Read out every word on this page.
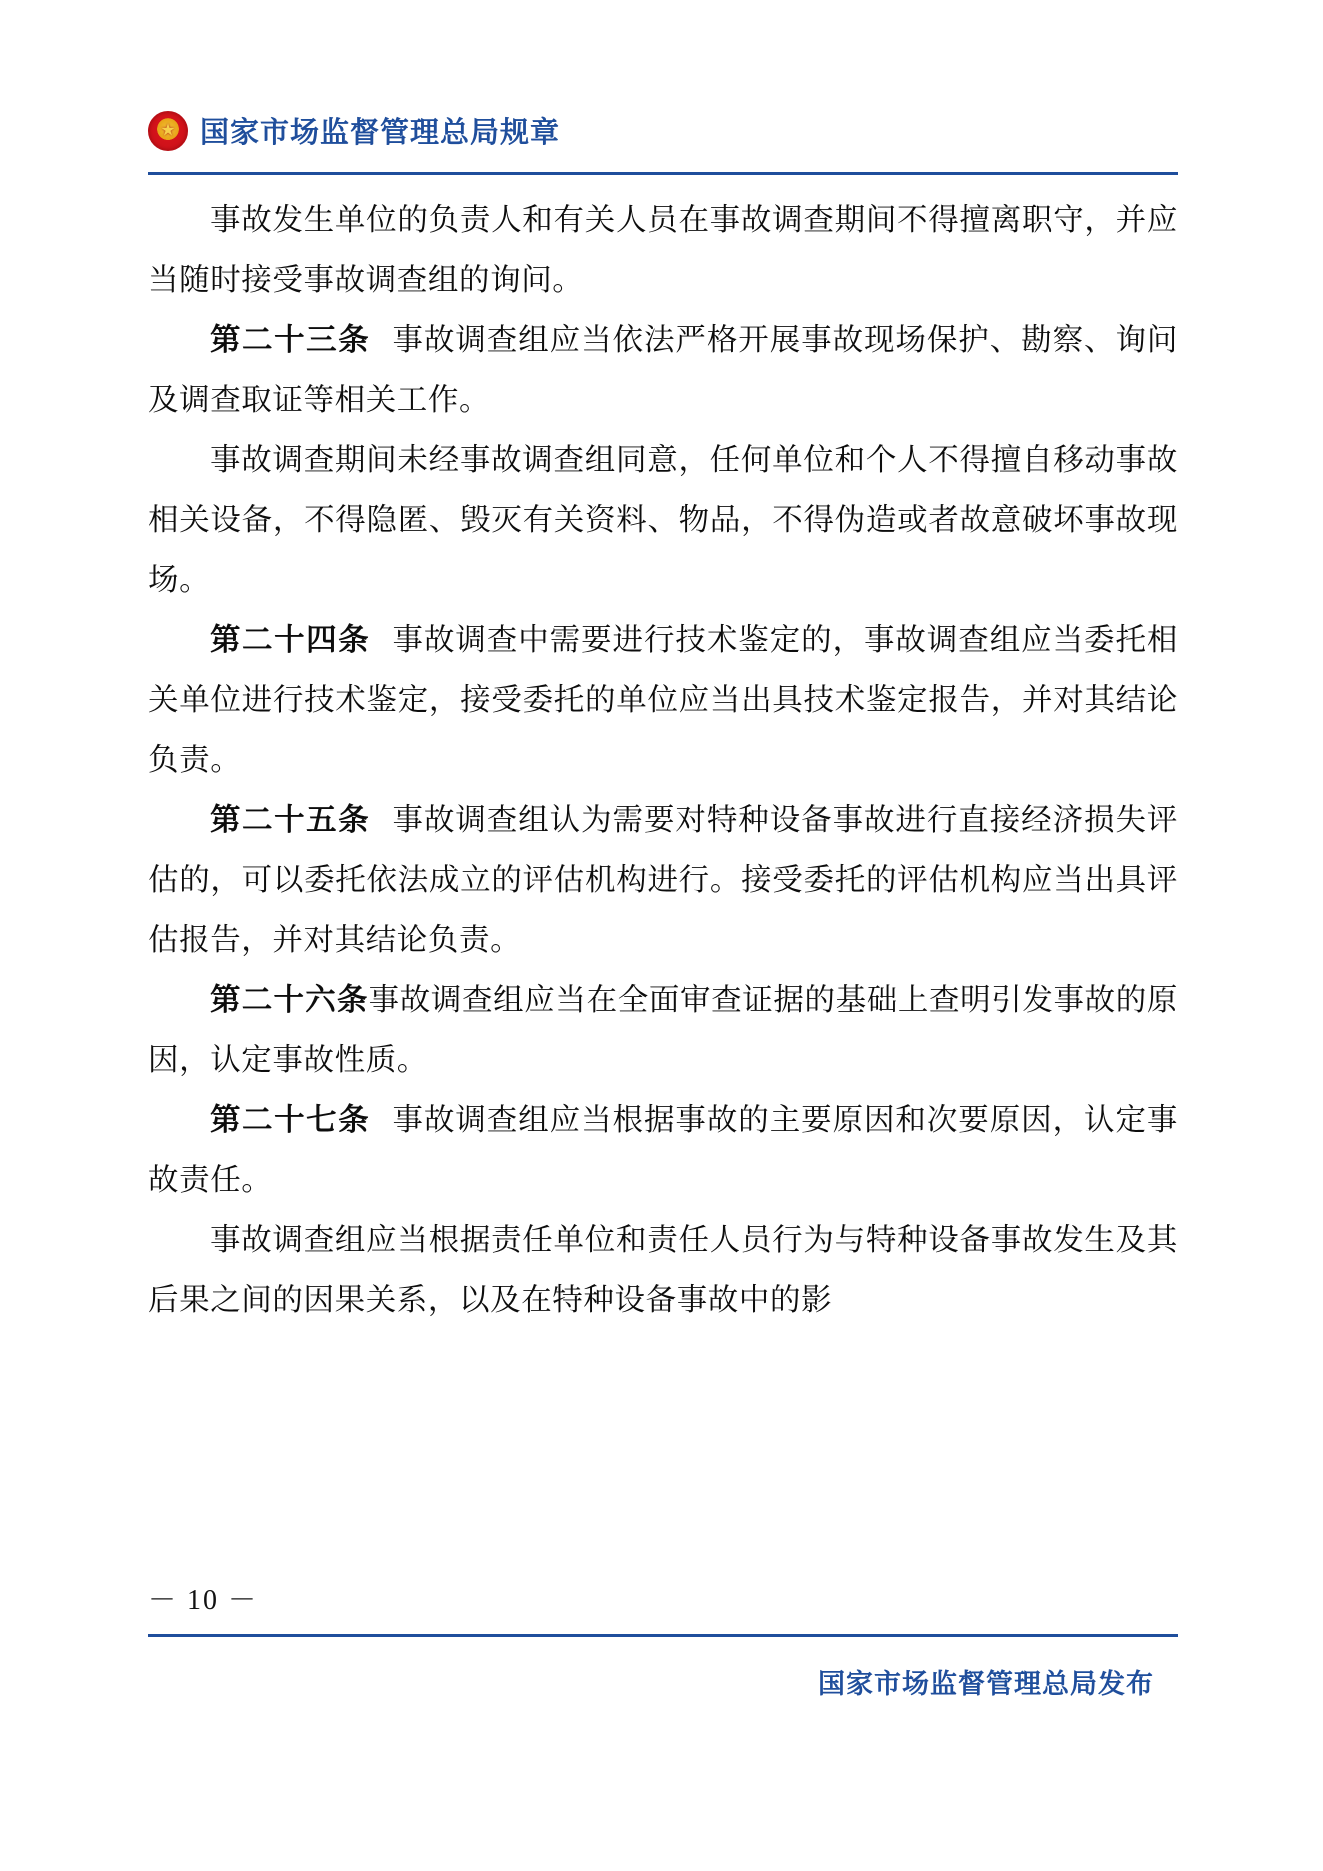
★
国家市场监督管理总局规章

事故发生单位的负责人和有关人员在事故调查期间不得擅离职守，并应当随时接受事故调查组的询问。

第二十三条 事故调查组应当依法严格开展事故现场保护、勘察、询问及调查取证等相关工作。

事故调查期间未经事故调查组同意，任何单位和个人不得擅自移动事故相关设备，不得隐匿、毁灭有关资料、物品，不得伪造或者故意破坏事故现场。

第二十四条 事故调查中需要进行技术鉴定的，事故调查组应当委托相关单位进行技术鉴定，接受委托的单位应当出具技术鉴定报告，并对其结论负责。

第二十五条 事故调查组认为需要对特种设备事故进行直接经济损失评估的，可以委托依法成立的评估机构进行。接受委托的评估机构应当出具评估报告，并对其结论负责。

第二十六条事故调查组应当在全面审查证据的基础上查明引发事故的原因，认定事故性质。

第二十七条 事故调查组应当根据事故的主要原因和次要原因，认定事故责任。

事故调查组应当根据责任单位和责任人员行为与特种设备事故发生及其后果之间的因果关系，以及在特种设备事故中的影

－ 10 －
国家市场监督管理总局发布
